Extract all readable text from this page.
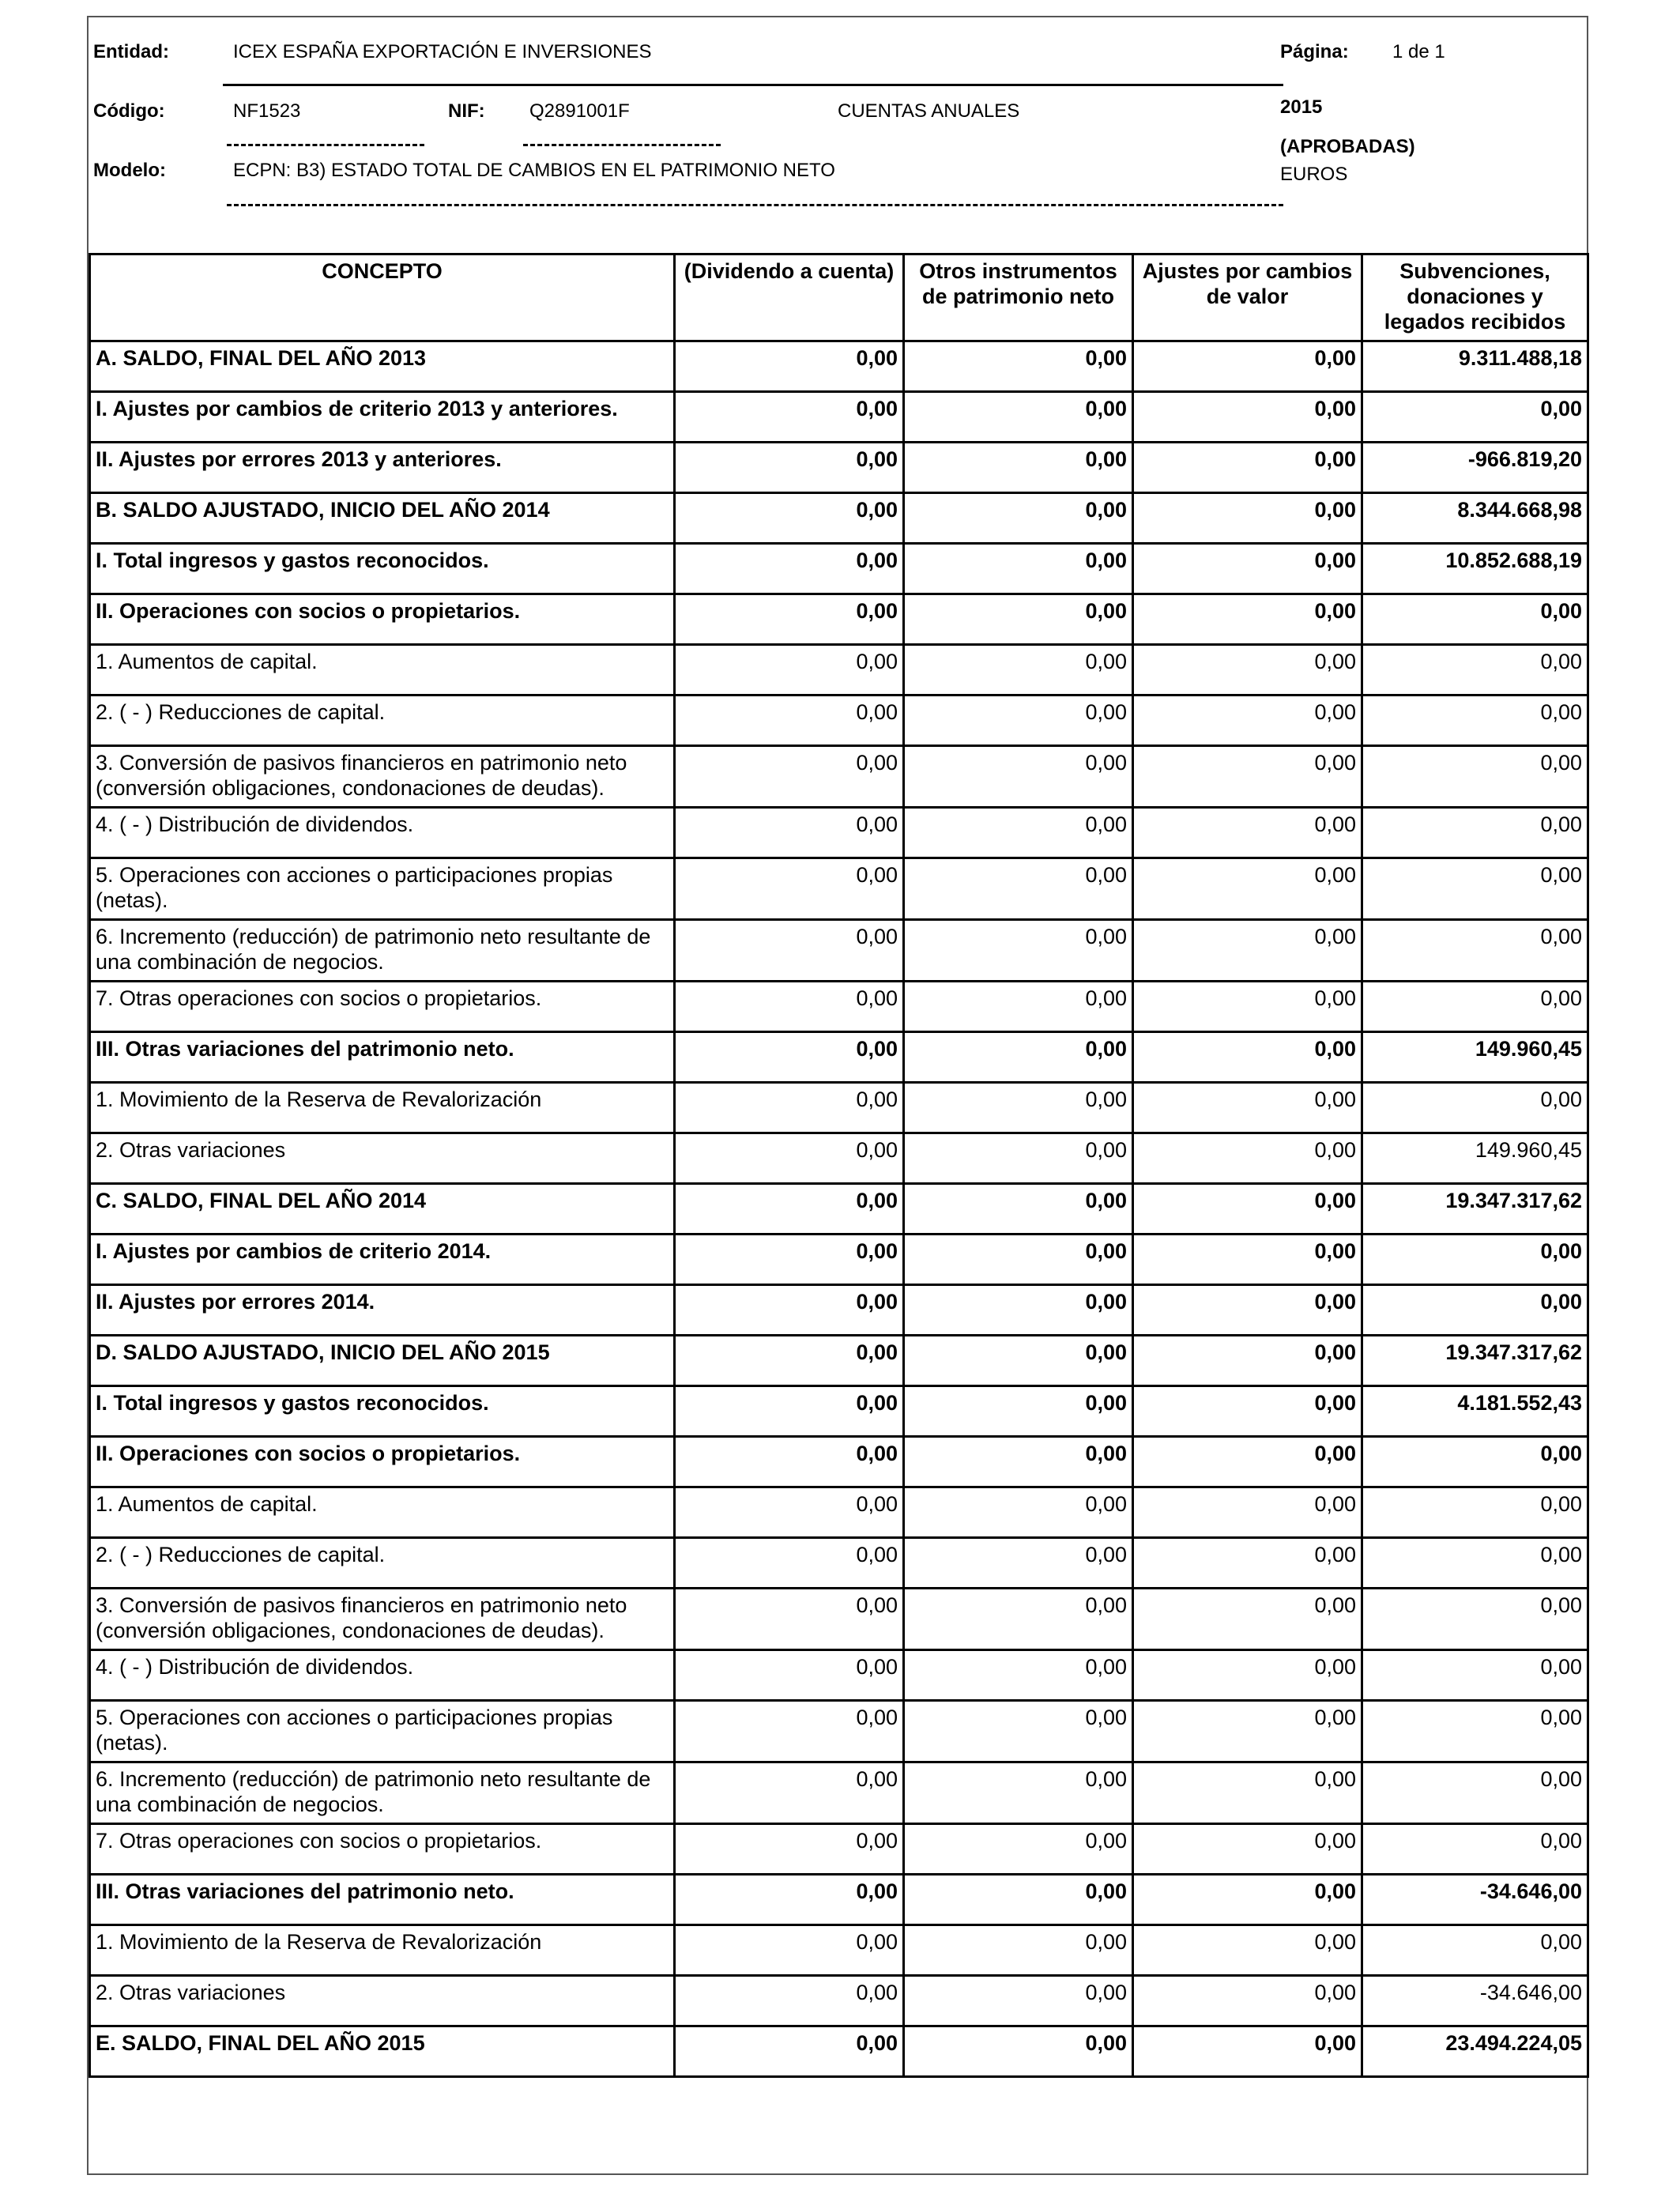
Entidad:	ICEX ESPAÑA EXPORTACIÓN E INVERSIONES	Página: 1 de 1
Código:	NF1523	NIF: Q2891001F	CUENTAS ANUALES	2015
(APROBADAS)
Modelo:	ECPN: B3) ESTADO TOTAL DE CAMBIOS EN EL PATRIMONIO NETO	EUROS
CONCEPTO	(Dividendo a cuenta)	Otros instrumentos de patrimonio neto	Ajustes por cambios de valor	Subvenciones, donaciones y legados recibidos
A. SALDO, FINAL DEL AÑO 2013	0,00	0,00	0,00	9.311.488,18
I. Ajustes por cambios de criterio 2013 y anteriores.	0,00	0,00	0,00	0,00
II. Ajustes por errores 2013 y anteriores.	0,00	0,00	0,00	-966.819,20
B. SALDO AJUSTADO, INICIO DEL AÑO 2014	0,00	0,00	0,00	8.344.668,98
I. Total ingresos y gastos reconocidos.	0,00	0,00	0,00	10.852.688,19
II. Operaciones con socios o propietarios.	0,00	0,00	0,00	0,00
1. Aumentos de capital.	0,00	0,00	0,00	0,00
2. ( - ) Reducciones de capital.	0,00	0,00	0,00	0,00
3. Conversión de pasivos financieros en patrimonio neto (conversión obligaciones, condonaciones de deudas).	0,00	0,00	0,00	0,00
4. ( - ) Distribución de dividendos.	0,00	0,00	0,00	0,00
5. Operaciones con acciones o participaciones propias (netas).	0,00	0,00	0,00	0,00
6. Incremento (reducción) de patrimonio neto resultante de una combinación de negocios.	0,00	0,00	0,00	0,00
7. Otras operaciones con socios o propietarios.	0,00	0,00	0,00	0,00
III. Otras variaciones del patrimonio neto.	0,00	0,00	0,00	149.960,45
1. Movimiento de la Reserva de Revalorización	0,00	0,00	0,00	0,00
2. Otras variaciones	0,00	0,00	0,00	149.960,45
C. SALDO, FINAL DEL AÑO 2014	0,00	0,00	0,00	19.347.317,62
I. Ajustes por cambios de criterio 2014.	0,00	0,00	0,00	0,00
II. Ajustes por errores 2014.	0,00	0,00	0,00	0,00
D. SALDO AJUSTADO, INICIO DEL AÑO 2015	0,00	0,00	0,00	19.347.317,62
I. Total ingresos y gastos reconocidos.	0,00	0,00	0,00	4.181.552,43
II. Operaciones con socios o propietarios.	0,00	0,00	0,00	0,00
1. Aumentos de capital.	0,00	0,00	0,00	0,00
2. ( - ) Reducciones de capital.	0,00	0,00	0,00	0,00
3. Conversión de pasivos financieros en patrimonio neto (conversión obligaciones, condonaciones de deudas).	0,00	0,00	0,00	0,00
4. ( - ) Distribución de dividendos.	0,00	0,00	0,00	0,00
5. Operaciones con acciones o participaciones propias (netas).	0,00	0,00	0,00	0,00
6. Incremento (reducción) de patrimonio neto resultante de una combinación de negocios.	0,00	0,00	0,00	0,00
7. Otras operaciones con socios o propietarios.	0,00	0,00	0,00	0,00
III. Otras variaciones del patrimonio neto.	0,00	0,00	0,00	-34.646,00
1. Movimiento de la Reserva de Revalorización	0,00	0,00	0,00	0,00
2. Otras variaciones	0,00	0,00	0,00	-34.646,00
E. SALDO, FINAL DEL AÑO 2015	0,00	0,00	0,00	23.494.224,05
